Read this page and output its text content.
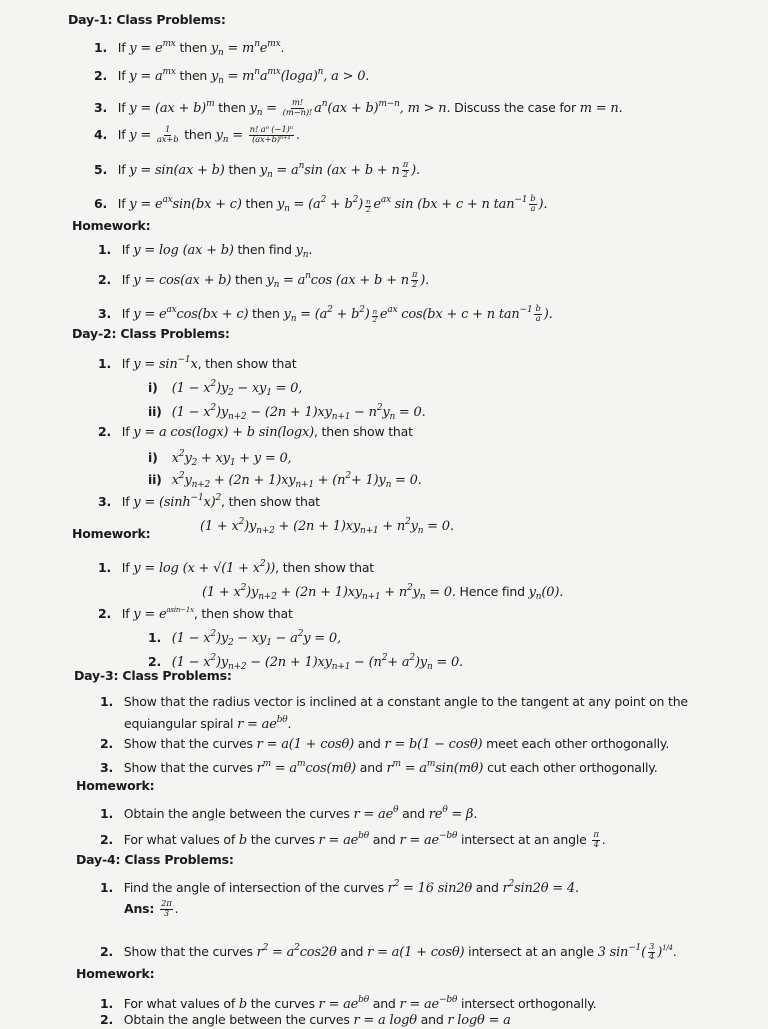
Day-1: Class Problems:
1. If $y = e^{mx}$ then $y_n = m^ne^{mx}$.
2. If $y = a^{mx}$ then $y_n = m^na^{mx}(\log a)^n$, a > 0.
3. If y = (ax + b)$^m$ then $y_n = \frac{m!}{(m-n)!} a^n(ax + b)^{m-n}$, m > n. Discuss the case for m = n.
4. If $y = \frac{1}{ax+b}$ then $y_n = \frac{\text{n! aⁿ (−1)ⁿ}}{\text{(ax+b)ⁿ⁺¹}}$ .
5. If y = sin(ax + b) then $y_n = a^n\sin$ (ax + b + n $\frac{\pi}{2}$ ).
6. If $y = e^{ax}\sin(bx + c)$ then $y_n = (a^2 + b^2) \frac{n}{2} e^{ax}$ sin (bx + c + n $\tan^{-1} \frac{b}{a}$ ).
Homework:
1. If y = log (ax + b) then find $y_n$.
2. If y = cos(ax + b) then $y_n = a^n\cos$ (ax + b + n $\frac{\pi}{2}$ ).
3. If $y = e^{ax}\cos(bx + c)$ then $y_n = (a^2 + b^2) \frac{n}{2} e^{ax}$ cos(bx + c + n $\tan^{-1} \frac{b}{a}$ ).
Day-2: Class Problems:
1. If $y = \sin^{-1}x$, then show that
i) $(1 - x^2)y_2 - xy_1 = 0$,
ii) $(1 - x^2)y_{n+2} - (2n + 1)xy_{n+1} - n^2y_n = 0$.
2. If y = a cos(logx) + b sin(logx), then show that
i) $x^2y_2 + xy_1 + y = 0$,
ii) $x^2y_{n+2} + (2n + 1)xy_{n+1} + (n^2+ 1)y_n = 0$.
3. If $y = (\sinh^{-1}x)^2$, then show that
$(1 + x^2)y_{n+2} + (2n + 1)xy_{n+1} + n^2y_n = 0$.
Homework:
1. If $y = \log (x + √(1 + x^2))$, then show that
$(1 + x^2)y_{n+2} + (2n + 1)xy_{n+1} + n^2y_n = 0$. Hence find $y_n(0)$.
2. If $y = e^{asin-1x}$, then show that
1. $(1 - x^2)y_2 - xy_1 - a^2y = 0$,
2. $(1 - x^2)y_{n+2} - (2n + 1)xy_{n+1} - (n^2+ a^2)y_n = 0$.
Day-3: Class Problems:
1. Show that the radius vector is inclined at a constant angle to the tangent at any point on the
equiangular spiral $r = ae^{b\theta}$.
2. Show that the curves r = a(1 + cosθ) and r = b(1 − cosθ) meet each other orthogonally.
3. Show that the curves $r^m = a^m\cos(m\theta)$ and $r^m = a^m\sin(m\theta)$ cut each other orthogonally.
Homework:
1. Obtain the angle between the curves $r = ae^\theta$ and $re^\theta = \beta$.
2. For what values of b the curves $r = ae^{b\theta}$ and $r = ae^{-b\theta}$ intersect at an angle $\frac{\pi}{4}$ .
Day-4: Class Problems:
1. Find the angle of intersection of the curves $r^2 = 16$ sin2θ and $r^2\sin 2\theta = 4$.
Ans: $\frac{2\pi}{3}$ .
2. Show that the curves $r^2 = a^2\cos 2\theta$ and r = a(1 + cosθ) intersect at an angle 3 $\sin^{-1}( \frac{3}{4} )^{1/4}$.
Homework:
1. For what values of b the curves $r = ae^{b\theta}$ and $r = ae^{-b\theta}$ intersect orthogonally.
2. Obtain the angle between the curves r = a logθ and r logθ = a
